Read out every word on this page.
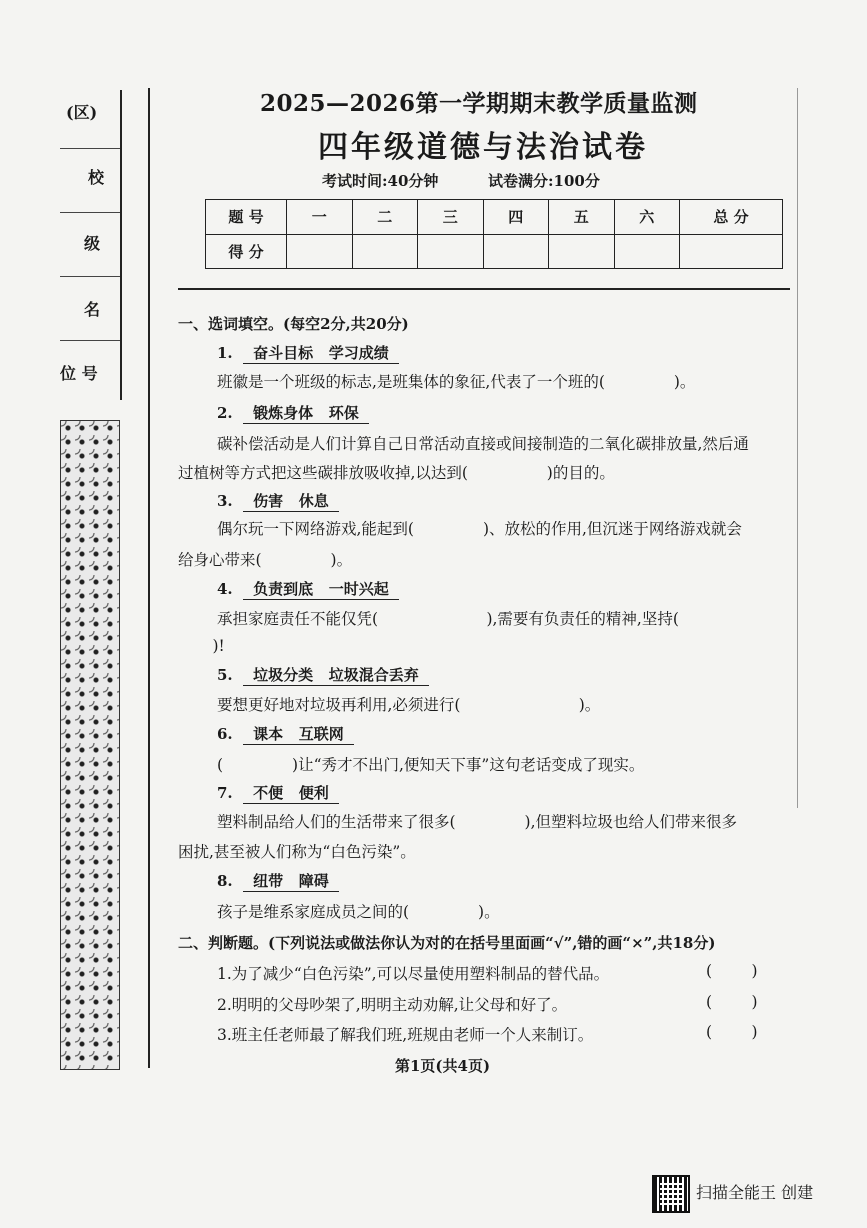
(区)
校
级
名
位 号
2025—2026第一学期期末教学质量监测
四年级道德与法治试卷
考试时间:40分钟	试卷满分:100分
题 号	一	二	三	四	五	六	总 分
得 分							
一、选词填空。(每空2分,共20分)
1.  奋斗目标   学习成绩
班徽是一个班级的标志,是班集体的象征,代表了一个班的(              )。
2.  锻炼身体   环保
碳补偿活动是人们计算自己日常活动直接或间接制造的二氧化碳排放量,然后通
过植树等方式把这些碳排放吸收掉,以达到(                )的目的。
3.  伤害   休息
偶尔玩一下网络游戏,能起到(              )、放松的作用,但沉迷于网络游戏就会
给身心带来(              )。
4.  负责到底   一时兴起
承担家庭责任不能仅凭(                      ),需要有负责任的精神,坚持(
)!
5.  垃圾分类   垃圾混合丢弃
要想更好地对垃圾再利用,必须进行(                        )。
6.  课本   互联网
(              )让“秀才不出门,便知天下事”这句老话变成了现实。
7.  不便   便利
塑料制品给人们的生活带来了很多(              ),但塑料垃圾也给人们带来很多
困扰,甚至被人们称为“白色污染”。
8.  纽带   障碍
孩子是维系家庭成员之间的(              )。
二、判断题。(下列说法或做法你认为对的在括号里面画“√”,错的画“×”,共18分)
1.为了减少“白色污染”,可以尽量使用塑料制品的替代品。	(        )
2.明明的父母吵架了,明明主动劝解,让父母和好了。	(        )
3.班主任老师最了解我们班,班规由老师一个人来制订。	(        )
第1页(共4页)
扫描全能王 创建
